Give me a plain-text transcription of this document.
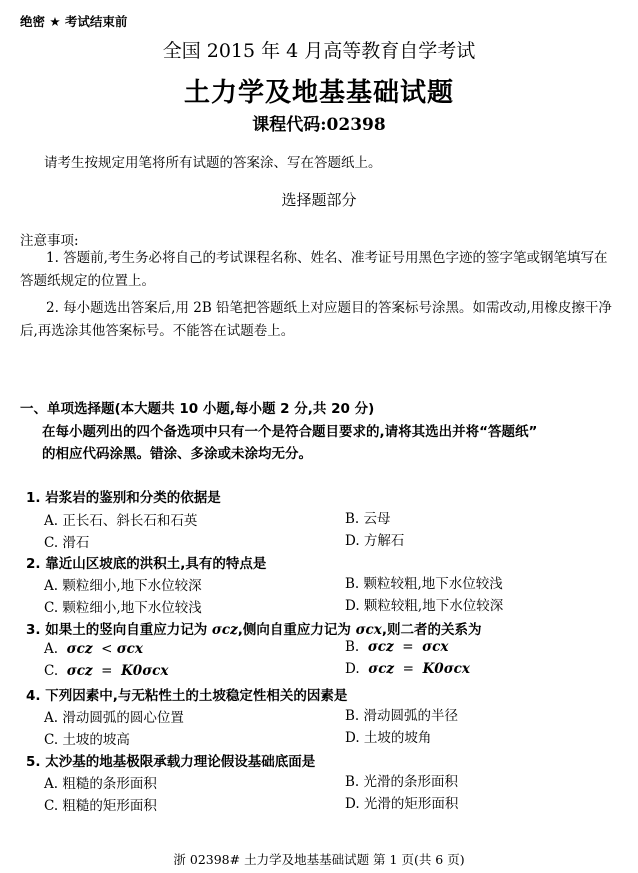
绝密 ★ 考试结束前
全国 2015 年 4 月高等教育自学考试
土力学及地基基础试题
课程代码:02398
请考生按规定用笔将所有试题的答案涂、写在答题纸上。
选择题部分
注意事项:
1. 答题前,考生务必将自己的考试课程名称、姓名、准考证号用黑色字迹的签字笔或钢笔填写在答题纸规定的位置上。
2. 每小题选出答案后,用 2B 铅笔把答题纸上对应题目的答案标号涂黑。如需改动,用橡皮擦干净后,再选涂其他答案标号。不能答在试题卷上。
一、单项选择题(本大题共 10 小题,每小题 2 分,共 20 分)
在每小题列出的四个备选项中只有一个是符合题目要求的,请将其选出并将“答题纸”
的相应代码涂黑。错涂、多涂或未涂均无分。
1. 岩浆岩的鉴别和分类的依据是
A. 正长石、斜长石和石英	B. 云母
C. 滑石	D. 方解石
2. 靠近山区坡底的洪积土,具有的特点是
A. 颗粒细小,地下水位较深	B. 颗粒较粗,地下水位较浅
C. 颗粒细小,地下水位较浅	D. 颗粒较粗,地下水位较深
3. 如果土的竖向自重应力记为 σcz,侧向自重应力记为 σcx,则二者的关系为
A. σcz < σcx	B. σcz = σcx
C. σcz = K0σcx	D. σcz = K0σcx
4. 下列因素中,与无粘性土的土坡稳定性相关的因素是
A. 滑动圆弧的圆心位置	B. 滑动圆弧的半径
C. 土坡的坡高	D. 土坡的坡角
5. 太沙基的地基极限承载力理论假设基础底面是
A. 粗糙的条形面积	B. 光滑的条形面积
C. 粗糙的矩形面积	D. 光滑的矩形面积
浙 02398# 土力学及地基基础试题 第 1 页(共 6 页)
